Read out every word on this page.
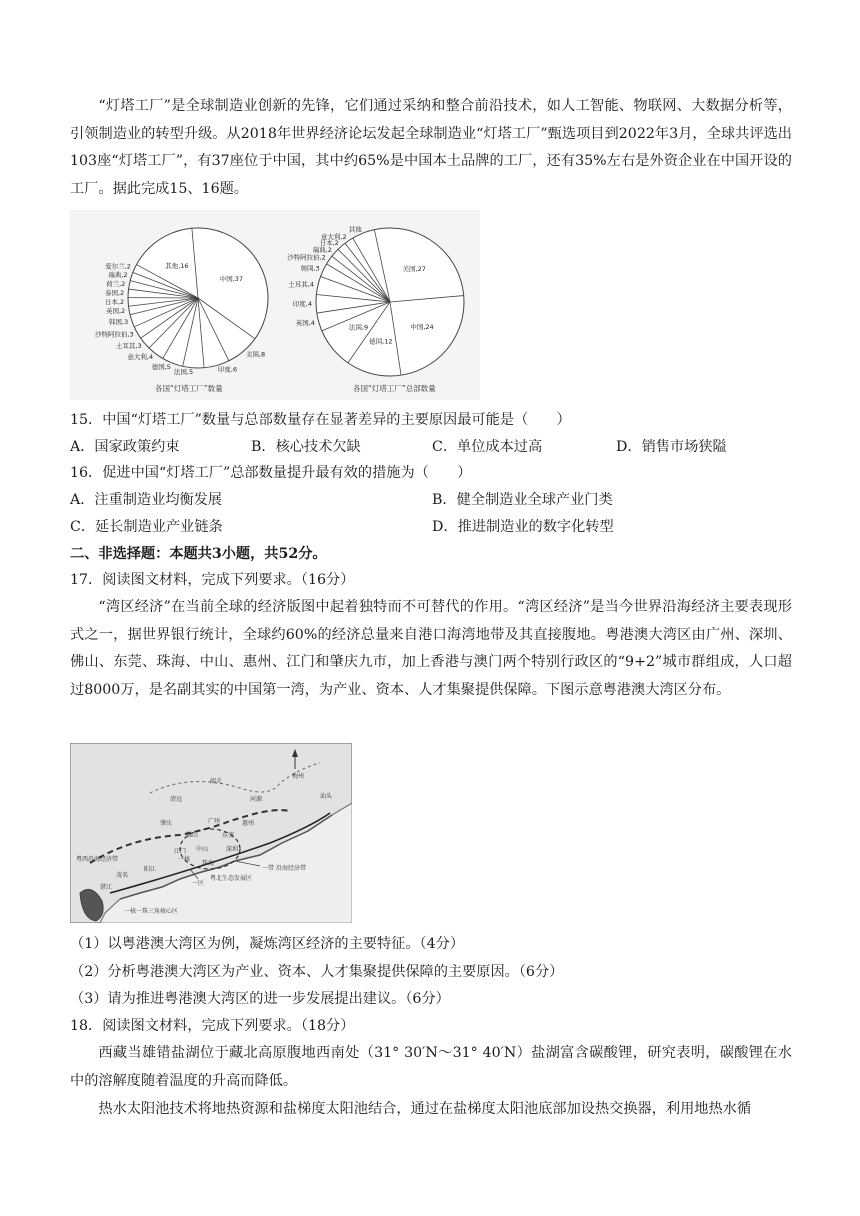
“灯塔工厂”是全球制造业创新的先锋，它们通过采纳和整合前沿技术，如人工智能、物联网、大数据分析等，引领制造业的转型升级。从2018年世界经济论坛发起全球制造业“灯塔工厂”甄选项目到2022年3月，全球共评选出103座“灯塔工厂”，有37座位于中国，其中约65%是中国本土品牌的工厂，还有35%左右是外资企业在中国开设的工厂。据此完成15、16题。

中国,37
美国,8
印度,6
法国,5
德国,5
意大利,4
土耳其,3
沙特阿拉伯,3
韩国,3
英国,2
日本,2
泰国,2
荷兰,2
瑞典,2
爱尔兰,2	其他,16
中国,24
德国,12
法国,9
英国,4
印度,4
土耳其,4
韩国,3
沙特阿拉伯,2
瑞典,2
日本,2
意大利,2
其他
美国,27
各国“灯塔工厂”数量	各国“灯塔工厂”总部数量

15．中国“灯塔工厂”数量与总部数量存在显著差异的主要原因最可能是（　　）

A．国家政策约束	B．核心技术欠缺	C．单位成本过高	D．销售市场狭隘

16．促进中国“灯塔工厂”总部数量提升最有效的措施为（　　）

A．注重制造业均衡发展	B．健全制造业全球产业门类
C．延长制造业产业链条	D．推进制造业的数字化转型

二、非选择题：本题共3小题，共52分。

17．阅读图文材料，完成下列要求。（16分）

“湾区经济”在当前全球的经济版图中起着独特而不可替代的作用。“湾区经济”是当今世界沿海经济主要表现形式之一，据世界银行统计，全球约60%的经济总量来自港口海湾地带及其直接腹地。粤港澳大湾区由广州、深圳、佛山、东莞、珠海、中山、惠州、江门和肇庆九市，加上香港与澳门两个特别行政区的“9+2”城市群组成，人口超过8000万，是名副其实的中国第一湾，为产业、资本、人才集聚提供保障。下图示意粤港澳大湾区分布。

粤北生态发展区
粤西沿海经济带
沿海经济带
一带
一区
一核一珠三角核心区
清远
韶关
河源
梅州
汕头
广州
肇庆
佛山	东莞
惠州
深圳
中山
江门
珠海
阳江
茂名
湛江
一核

（1）以粤港澳大湾区为例，凝炼湾区经济的主要特征。（4分）

（2）分析粤港澳大湾区为产业、资本、人才集聚提供保障的主要原因。（6分）

（3）请为推进粤港澳大湾区的进一步发展提出建议。（6分）

18．阅读图文材料，完成下列要求。（18分）

西藏当雄错盐湖位于藏北高原腹地西南处（31° 30′N～31° 40′N）盐湖富含碳酸锂，研究表明，碳酸锂在水中的溶解度随着温度的升高而降低。

热水太阳池技术将地热资源和盐梯度太阳池结合，通过在盐梯度太阳池底部加设热交换器，利用地热水循
